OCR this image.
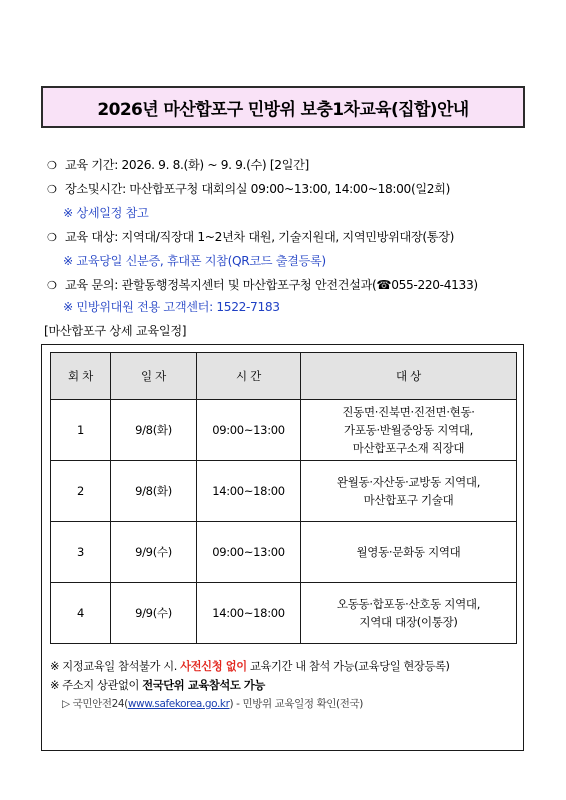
2026년 마산합포구 민방위 보충1차교육(집합)안내
❍ 교육 기간: 2026. 9. 8.(화) ~ 9. 9.(수) [2일간]
❍ 장소및시간: 마산합포구청 대회의실 09:00~13:00, 14:00~18:00(일2회)
※ 상세일정 참고
❍ 교육 대상: 지역대/직장대 1~2년차 대원, 기술지원대, 지역민방위대장(통장)
※ 교육당일 신분증, 휴대폰 지참(QR코드 출결등록)
❍ 교육 문의: 관할동행정복지센터 및 마산합포구청 안전건설과(☎055-220-4133)
※ 민방위대원 전용 고객센터: 1522-7183
[마산합포구 상세 교육일정]
회 차	일 자	시 간	대 상
1	9/8(화)	09:00~13:00	진동면·진북면·진전면·현동·
가포동·반월중앙동 지역대,
마산합포구소재 직장대

2	9/8(화)	14:00~18:00	완월동·자산동·교방동 지역대,
마산합포구 기술대

3	9/9(수)	09:00~13:00	월영동·문화동 지역대

4	9/9(수)	14:00~18:00	오동동·합포동·산호동 지역대,
지역대 대장(이통장)
※ 지정교육일 참석불가 시. 사전신청 없이 교육기간 내 참석 가능(교육당일 현장등록)
※ 주소지 상관없이 전국단위 교육참석도 가능
▷ 국민안전24(www.safekorea.go.kr) - 민방위 교육일정 확인(전국)
